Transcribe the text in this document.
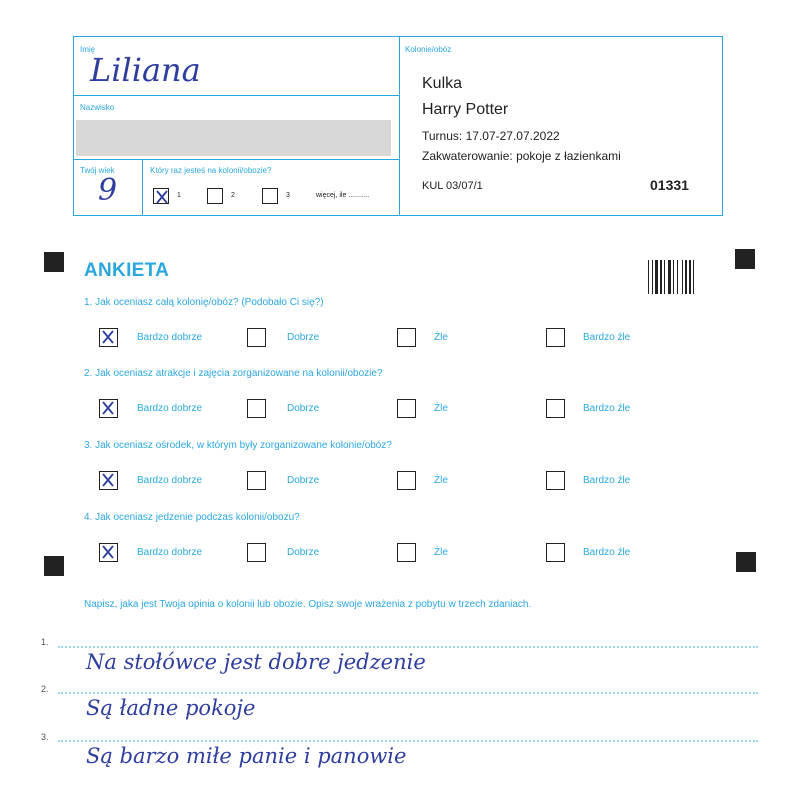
Imię
Liliana
Nazwisko
Twój wiek
9
Który raz jesteś na kolonii/obozie?
1	2	3	więcej, ile ...........
Kolonie/obóz
Kulka
Harry Potter
Turnus: 17.07-27.07.2022
Zakwaterowanie: pokoje z łazienkami
KUL 03/07/1	01331
ANKIETA
1. Jak oceniasz całą kolonię/obóz? (Podobało Ci się?)
Bardzo dobrze	Dobrze	Źle	Bardzo źle
2. Jak oceniasz atrakcje i zajęcia zorganizowane na kolonii/obozie?
Bardzo dobrze	Dobrze	Źle	Bardzo źle
3. Jak oceniasz ośrodek, w którym były zorganizowane kolonie/obóz?
Bardzo dobrze	Dobrze	Źle	Bardzo źle
4. Jak oceniasz jedzenie podczas kolonii/obozu?
Bardzo dobrze	Dobrze	Źle	Bardzo źle
Napisz, jaka jest Twoja opinia o kolonii lub obozie. Opisz swoje wrażenia z pobytu w trzech zdaniach.
1.
Na stołówce jest dobre jedzenie
2.
Są ładne pokoje
3.
Są barzo miłe panie i panowie
